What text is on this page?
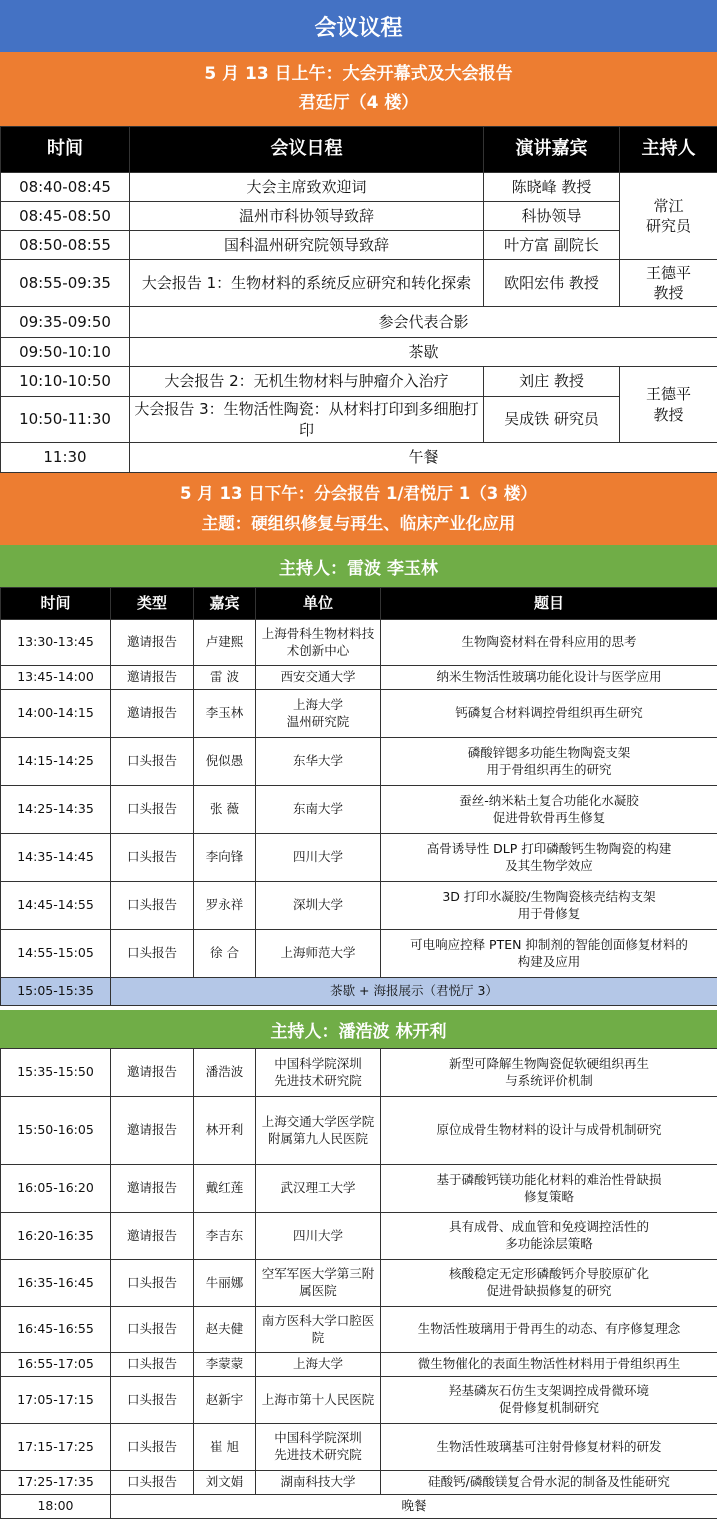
会议议程
5 月 13 日上午：大会开幕式及大会报告
君廷厅（4 楼）
时间	会议日程	演讲嘉宾	主持人
08:40-08:45	大会主席致欢迎词	陈晓峰 教授	常江
研究员
08:45-08:50	温州市科协领导致辞	科协领导	
08:50-08:55	国科温州研究院领导致辞	叶方富 副院长	
08:55-09:35	大会报告 1：生物材料的系统反应研究和转化探索	欧阳宏伟 教授	王德平
教授
09:35-09:50	参会代表合影		
09:50-10:10	茶歇		
10:10-10:50	大会报告 2：无机生物材料与肿瘤介入治疗	刘庄 教授	王德平
教授
10:50-11:30	大会报告 3：生物活性陶瓷：从材料打印到多细胞打印	吴成铁 研究员	
11:30	午餐		
5 月 13 日下午：分会报告 1/君悦厅 1（3 楼）
主题：硬组织修复与再生、临床产业化应用
主持人：雷波 李玉林
时间	类型	嘉宾	单位	题目
13:30-13:45	邀请报告	卢建熙	上海骨科生物材料技术创新中心	生物陶瓷材料在骨科应用的思考
13:45-14:00	邀请报告	雷 波	西安交通大学	纳米生物活性玻璃功能化设计与医学应用
14:00-14:15	邀请报告	李玉林	上海大学
温州研究院	钙磷复合材料调控骨组织再生研究
14:15-14:25	口头报告	倪似愚	东华大学	磷酸锌锶多功能生物陶瓷支架
用于骨组织再生的研究
14:25-14:35	口头报告	张 薇	东南大学	蚕丝-纳米粘土复合功能化水凝胶
促进骨软骨再生修复
14:35-14:45	口头报告	李向锋	四川大学	高骨诱导性 DLP 打印磷酸钙生物陶瓷的构建
及其生物学效应
14:45-14:55	口头报告	罗永祥	深圳大学	3D 打印水凝胶/生物陶瓷核壳结构支架
用于骨修复
14:55-15:05	口头报告	徐 合	上海师范大学	可电响应控释 PTEN 抑制剂的智能创面修复材料的
构建及应用
15:05-15:35	茶歇 + 海报展示（君悦厅 3）			
主持人：潘浩波 林开利
15:35-15:50	邀请报告	潘浩波	中国科学院深圳
先进技术研究院	新型可降解生物陶瓷促软硬组织再生
与系统评价机制
15:50-16:05	邀请报告	林开利	上海交通大学医学院附属第九人民医院	原位成骨生物材料的设计与成骨机制研究
16:05-16:20	邀请报告	戴红莲	武汉理工大学	基于磷酸钙镁功能化材料的难治性骨缺损
修复策略
16:20-16:35	邀请报告	李吉东	四川大学	具有成骨、成血管和免疫调控活性的
多功能涂层策略
16:35-16:45	口头报告	牛丽娜	空军军医大学第三附属医院	核酸稳定无定形磷酸钙介导胶原矿化
促进骨缺损修复的研究
16:45-16:55	口头报告	赵夫健	南方医科大学口腔医院	生物活性玻璃用于骨再生的动态、有序修复理念
16:55-17:05	口头报告	李蒙蒙	上海大学	微生物催化的表面生物活性材料用于骨组织再生
17:05-17:15	口头报告	赵新宇	上海市第十人民医院	羟基磷灰石仿生支架调控成骨微环境
促骨修复机制研究
17:15-17:25	口头报告	崔 旭	中国科学院深圳
先进技术研究院	生物活性玻璃基可注射骨修复材料的研发
17:25-17:35	口头报告	刘文娟	湖南科技大学	硅酸钙/磷酸镁复合骨水泥的制备及性能研究
18:00	晚餐			
